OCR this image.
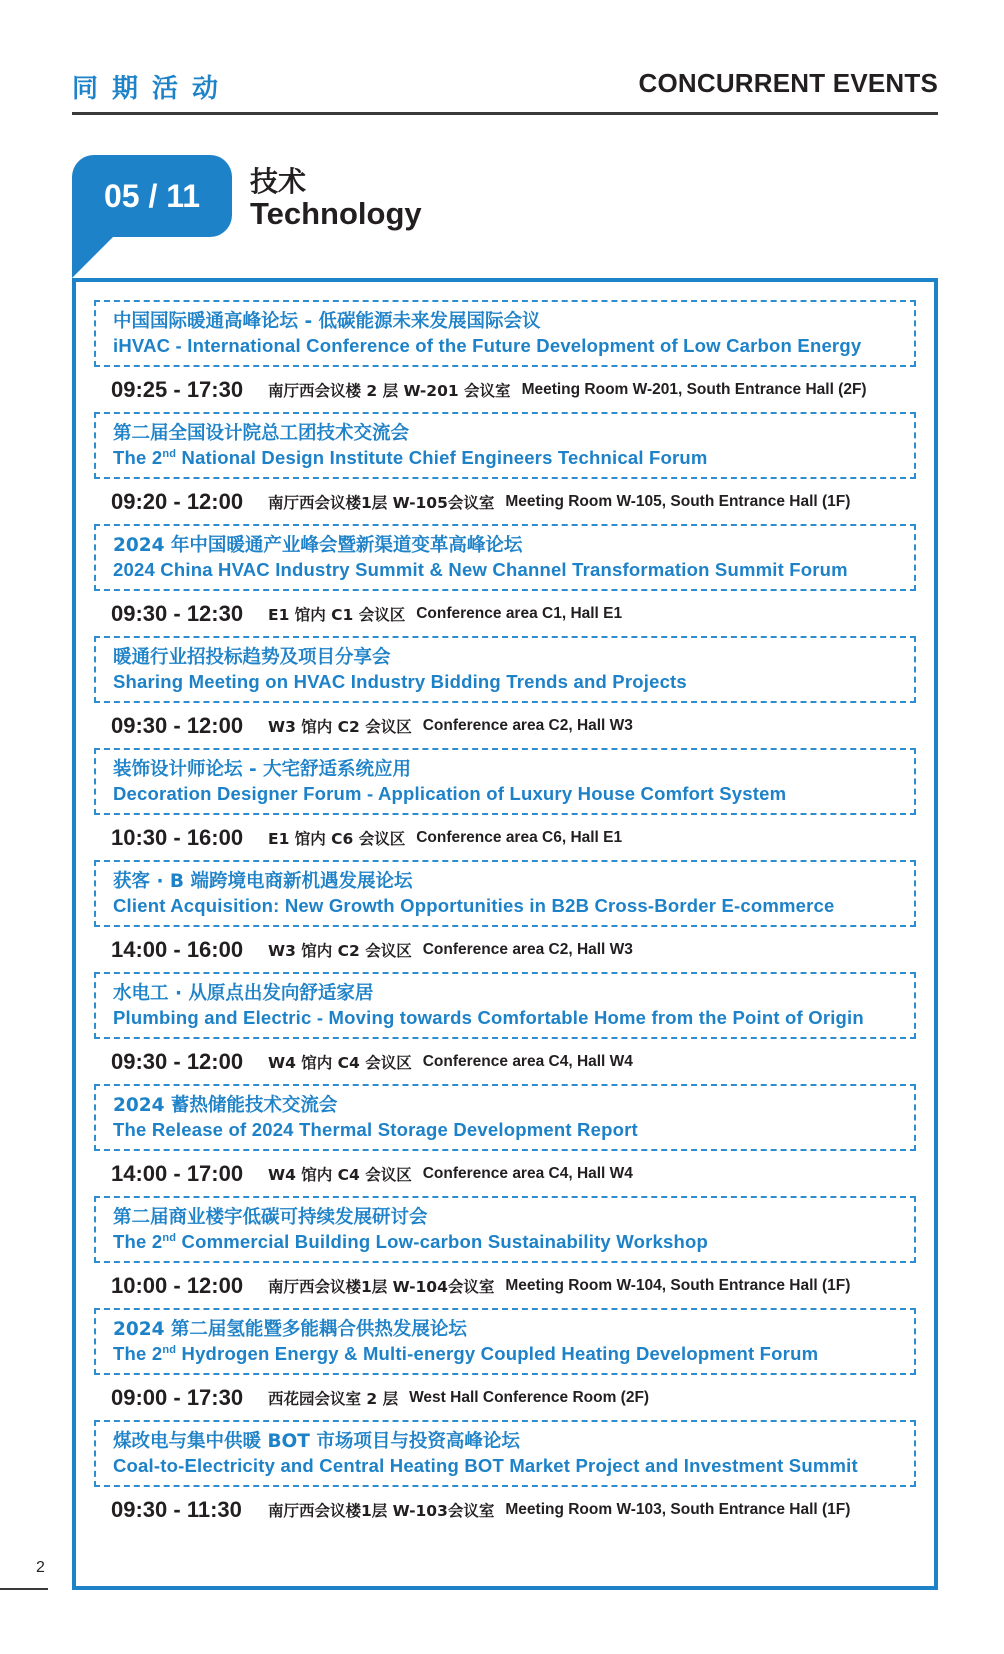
同期活动	CONCURRENT EVENTS
05 / 11 技术
Technology
中国国际暖通高峰论坛 - 低碳能源未来发展国际会议
iHVAC - International Conference of the Future Development of Low Carbon Energy
09:25 - 17:30	南厅西会议楼 2 层 W-201 会议室 Meeting Room W-201, South Entrance Hall (2F)
第二届全国设计院总工团技术交流会
The 2nd National Design Institute Chief Engineers Technical Forum
09:20 - 12:00	南厅西会议楼1层 W-105会议室 Meeting Room W-105, South Entrance Hall (1F)
2024 年中国暖通产业峰会暨新渠道变革高峰论坛
2024 China HVAC Industry Summit & New Channel Transformation Summit Forum
09:30 - 12:30	E1 馆内 C1 会议区 Conference area C1, Hall E1
暖通行业招投标趋势及项目分享会
Sharing Meeting on HVAC Industry Bidding Trends and Projects
09:30 - 12:00	W3 馆内 C2 会议区 Conference area C2, Hall W3
装饰设计师论坛 - 大宅舒适系统应用
Decoration Designer Forum - Application of Luxury House Comfort System
10:30 - 16:00	E1 馆内 C6 会议区 Conference area C6, Hall E1
获客 · B 端跨境电商新机遇发展论坛
Client Acquisition: New Growth Opportunities in B2B Cross-Border E-commerce
14:00 - 16:00	W3 馆内 C2 会议区 Conference area C2, Hall W3
水电工 · 从原点出发向舒适家居
Plumbing and Electric - Moving towards Comfortable Home from the Point of Origin
09:30 - 12:00	W4 馆内 C4 会议区 Conference area C4, Hall W4
2024 蓄热储能技术交流会
The Release of 2024 Thermal Storage Development Report
14:00 - 17:00	W4 馆内 C4 会议区 Conference area C4, Hall W4
第二届商业楼宇低碳可持续发展研讨会
The 2nd Commercial Building Low-carbon Sustainability Workshop
10:00 - 12:00	南厅西会议楼1层 W-104会议室 Meeting Room W-104, South Entrance Hall (1F)
2024 第二届氢能暨多能耦合供热发展论坛
The 2nd Hydrogen Energy & Multi-energy Coupled Heating Development Forum
09:00 - 17:30	西花园会议室 2 层 West Hall Conference Room (2F)
煤改电与集中供暖 BOT 市场项目与投资高峰论坛
Coal-to-Electricity and Central Heating BOT Market Project and Investment Summit
09:30 - 11:30	南厅西会议楼1层 W-103会议室 Meeting Room W-103, South Entrance Hall (1F)
2
